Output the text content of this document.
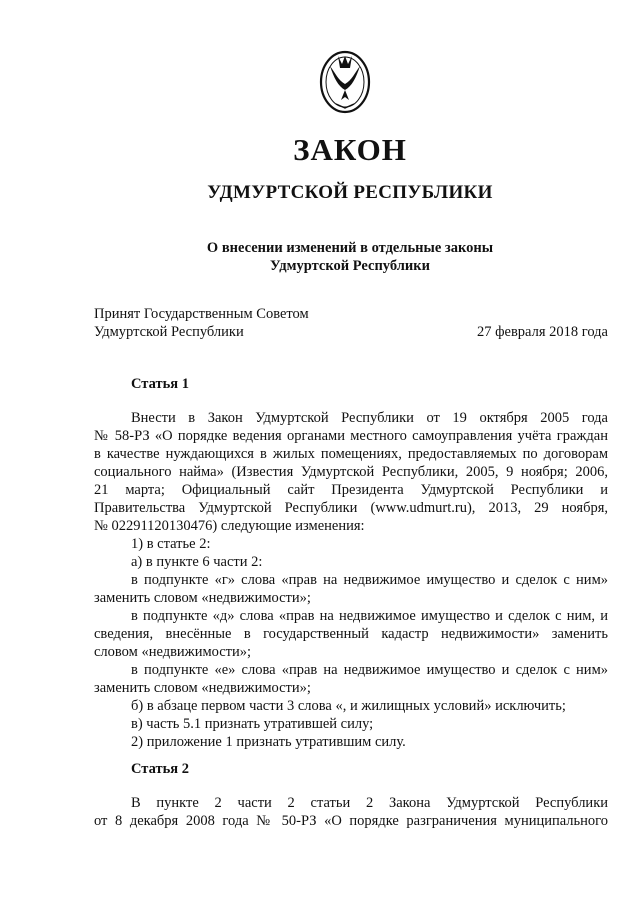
ЗАКОН
УДМУРТСКОЙ РЕСПУБЛИКИ
О внесении изменений в отдельные законы
Удмуртской Республики
Принят Государственным Советом
Удмуртской Республики	27 февраля 2018 года
Статья 1
Внести в Закон Удмуртской Республики от 19 октября 2005 года
№ 58-РЗ «О порядке ведения органами местного самоуправления учёта граждан
в качестве нуждающихся в жилых помещениях, предоставляемых по договорам
социального найма» (Известия Удмуртской Республики, 2005, 9 ноября; 2006,
21 марта; Официальный сайт Президента Удмуртской Республики и
Правительства Удмуртской Республики (www.udmurt.ru), 2013, 29 ноября,
№ 02291120130476) следующие изменения:
1) в статье 2:
а) в пункте 6 части 2:
в подпункте «г» слова «прав на недвижимое имущество и сделок с ним»
заменить словом «недвижимости»;
в подпункте «д» слова «прав на недвижимое имущество и сделок с ним, и
сведения, внесённые в государственный кадастр недвижимости» заменить
словом «недвижимости»;
в подпункте «е» слова «прав на недвижимое имущество и сделок с ним»
заменить словом «недвижимости»;
б) в абзаце первом части 3 слова «, и жилищных условий» исключить;
в) часть 5.1 признать утратившей силу;
2) приложение 1 признать утратившим силу.
Статья 2
В пункте 2 части 2 статьи 2 Закона Удмуртской Республики
от 8 декабря 2008 года № 50-РЗ «О порядке разграничения муниципального
